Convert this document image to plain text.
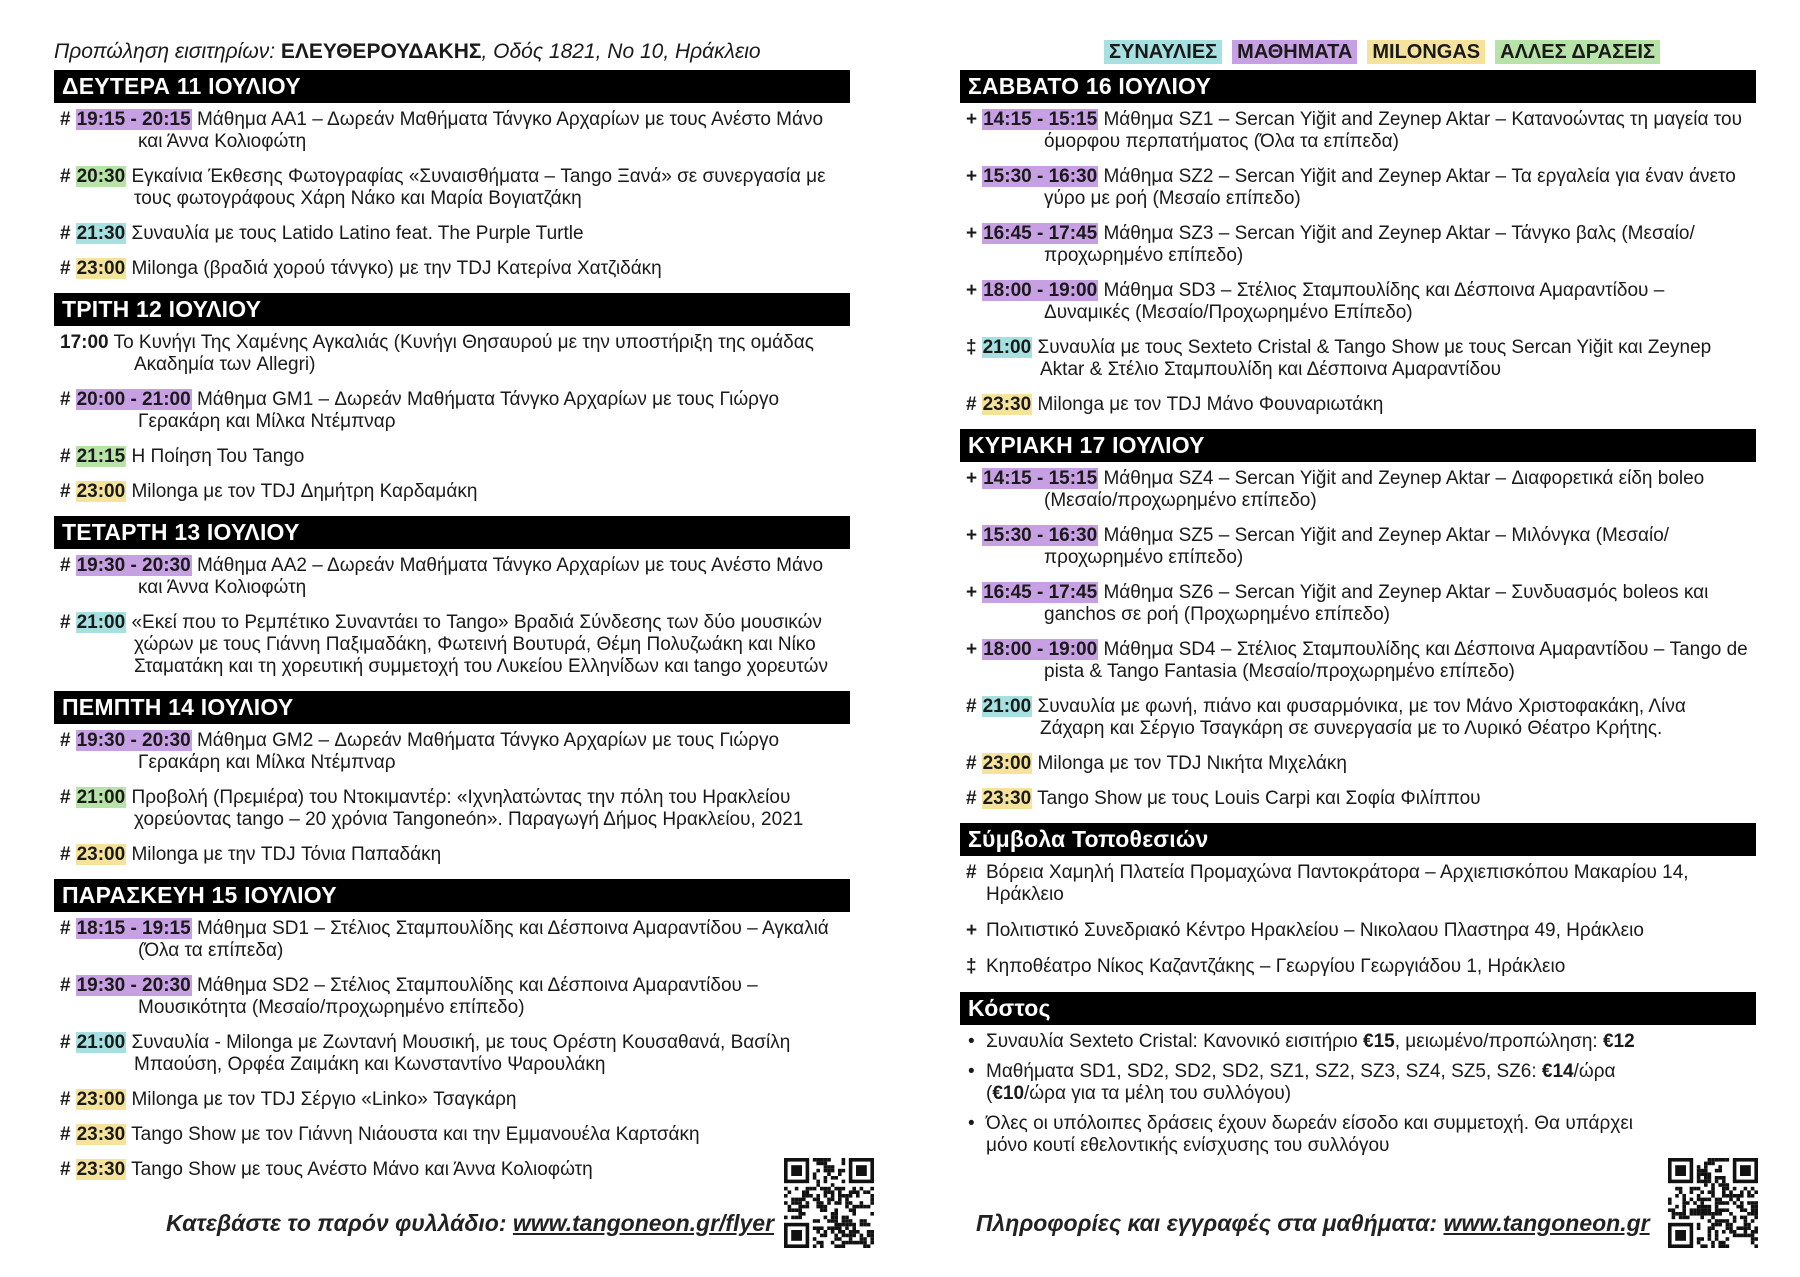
Προπώληση εισιτηρίων: ΕΛΕΥΘΕΡΟΥΔΑΚΗΣ, Οδός 1821, Νο 10, Ηράκλειο
ΔΕΥΤΕΡΑ 11 ΙΟΥΛΙΟΥ
# 19:15 - 20:15 Μάθημα ΑΑ1 – Δωρεάν Μαθήματα Τάνγκο Αρχαρίων με τους Ανέστο Μάνο και Άννα Κολιοφώτη
# 20:30 Εγκαίνια Έκθεσης Φωτογραφίας «Συναισθήματα – Tango Ξανά» σε συνεργασία με τους φωτογράφους Χάρη Νάκο και Μαρία Βογιατζάκη
# 21:30 Συναυλία με τους Latido Latino feat. The Purple Turtle
# 23:00 Milonga (βραδιά χορού τάνγκο) με την TDJ Κατερίνα Χατζιδάκη
ΤΡΙΤΗ 12 ΙΟΥΛΙΟΥ
17:00 Το Κυνήγι Της Χαμένης Αγκαλιάς (Κυνήγι Θησαυρού με την υποστήριξη της ομάδας Ακαδημία των Allegri)
# 20:00 - 21:00 Μάθημα GM1 – Δωρεάν Μαθήματα Τάνγκο Αρχαρίων με τους Γιώργο Γερακάρη και Μίλκα Ντέμπναρ
# 21:15 Η Ποίηση Του Tango
# 23:00 Milonga με τον TDJ Δημήτρη Καρδαμάκη
ΤΕΤΑΡΤΗ 13 ΙΟΥΛΙΟΥ
# 19:30 - 20:30 Μάθημα ΑΑ2 – Δωρεάν Μαθήματα Τάνγκο Αρχαρίων με τους Ανέστο Μάνο και Άννα Κολιοφώτη
# 21:00 «Εκεί που το Ρεμπέτικο Συναντάει το Tango» Βραδιά Σύνδεσης των δύο μουσικών χώρων με τους Γιάννη Παξιμαδάκη, Φωτεινή Βουτυρά, Θέμη Πολυζωάκη και Νίκο Σταματάκη και τη χορευτική συμμετοχή του Λυκείου Ελληνίδων και tango χορευτών
ΠΕΜΠΤΗ 14 ΙΟΥΛΙΟΥ
# 19:30 - 20:30 Μάθημα GM2 – Δωρεάν Μαθήματα Τάνγκο Αρχαρίων με τους Γιώργο Γερακάρη και Μίλκα Ντέμπναρ
# 21:00 Προβολή (Πρεμιέρα) του Ντοκιμαντέρ: «Ιχνηλατώντας την πόλη του Ηρακλείου χορεύοντας tango – 20 χρόνια Tangoneón». Παραγωγή Δήμος Ηρακλείου, 2021
# 23:00 Milonga με την TDJ Τόνια Παπαδάκη
ΠΑΡΑΣΚΕΥΗ 15 ΙΟΥΛΙΟΥ
# 18:15 - 19:15 Μάθημα SD1 – Στέλιος Σταμπουλίδης και Δέσποινα Αμαραντίδου – Αγκαλιά (Όλα τα επίπεδα)
# 19:30 - 20:30 Μάθημα SD2 – Στέλιος Σταμπουλίδης και Δέσποινα Αμαραντίδου – Μουσικότητα (Μεσαίο/προχωρημένο επίπεδο)
# 21:00 Συναυλία - Milonga με Ζωντανή Μουσική, με τους Ορέστη Κουσαθανά, Βασίλη Μπαούση, Ορφέα Ζαιμάκη και Κωνσταντίνο Ψαρουλάκη
# 23:00 Milonga με τον TDJ Σέργιο «Linko» Τσαγκάρη
# 23:30 Tango Show με τον Γιάννη Νιάουστα και την Εμμανουέλα Καρτσάκη
# 23:30 Tango Show με τους Ανέστο Μάνο και Άννα Κολιοφώτη
ΣΥΝΑΥΛΙΕΣ ΜΑΘΗΜΑΤΑ MILONGAS ΑΛΛΕΣ ΔΡΑΣΕΙΣ
ΣΑΒΒΑΤΟ 16 ΙΟΥΛΙΟΥ
+ 14:15 - 15:15 Μάθημα SZ1 – Sercan Yiğit and Zeynep Aktar – Κατανοώντας τη μαγεία του όμορφου περπατήματος (Όλα τα επίπεδα)
+ 15:30 - 16:30 Μάθημα SZ2 – Sercan Yiğit and Zeynep Aktar – Τα εργαλεία για έναν άνετο γύρο με ροή (Μεσαίο επίπεδο)
+ 16:45 - 17:45 Μάθημα SZ3 – Sercan Yiğit and Zeynep Aktar – Τάνγκο βαλς (Μεσαίο/προχωρημένο επίπεδο)
+ 18:00 - 19:00 Μάθημα SD3 – Στέλιος Σταμπουλίδης και Δέσποινα Αμαραντίδου – Δυναμικές (Μεσαίο/Προχωρημένο Επίπεδο)
‡ 21:00 Συναυλία με τους Sexteto Cristal & Tango Show με τους Sercan Yiğit και Zeynep Aktar & Στέλιο Σταμπουλίδη και Δέσποινα Αμαραντίδου
# 23:30 Milonga με τον TDJ Μάνο Φουναριωτάκη
ΚΥΡΙΑΚΗ 17 ΙΟΥΛΙΟΥ
+ 14:15 - 15:15 Μάθημα SZ4 – Sercan Yiğit and Zeynep Aktar – Διαφορετικά είδη boleo (Μεσαίο/προχωρημένο επίπεδο)
+ 15:30 - 16:30 Μάθημα SZ5 – Sercan Yiğit and Zeynep Aktar – Μιλόνγκα (Μεσαίο/προχωρημένο επίπεδο)
+ 16:45 - 17:45 Μάθημα SZ6 – Sercan Yiğit and Zeynep Aktar – Συνδυασμός boleos και ganchos σε ροή (Προχωρημένο επίπεδο)
+ 18:00 - 19:00 Μάθημα SD4 – Στέλιος Σταμπουλίδης και Δέσποινα Αμαραντίδου – Tango de pista & Tango Fantasia (Μεσαίο/προχωρημένο επίπεδο)
# 21:00 Συναυλία με φωνή, πιάνο και φυσαρμόνικα, με τον Μάνο Χριστοφακάκη, Λίνα Ζάχαρη και Σέργιο Τσαγκάρη σε συνεργασία με το Λυρικό Θέατρο Κρήτης.
# 23:00 Milonga με τον TDJ Νικήτα Μιχελάκη
# 23:30 Tango Show με τους Louis Carpi και Σοφία Φιλίππου
Σύμβολα Τοποθεσιών
# Βόρεια Χαμηλή Πλατεία Προμαχώνα Παντοκράτορα – Αρχιεπισκόπου Μακαρίου 14, Ηράκλειο
+ Πολιτιστικό Συνεδριακό Κέντρο Ηρακλείου – Νικολαου Πλαστηρα 49, Ηράκλειο
‡ Κηποθέατρο Νίκος Καζαντζάκης – Γεωργίου Γεωργιάδου 1, Ηράκλειο
Κόστος
• Συναυλία Sexteto Cristal: Κανονικό εισιτήριο €15, μειωμένο/προπώληση: €12
• Μαθήματα SD1, SD2, SD2, SD2, SZ1, SZ2, SZ3, SZ4, SZ5, SZ6: €14/ώρα (€10/ώρα για τα μέλη του συλλόγου)
• Όλες οι υπόλοιπες δράσεις έχουν δωρεάν είσοδο και συμμετοχή. Θα υπάρχει μόνο κουτί εθελοντικής ενίσχυσης του συλλόγου
Κατεβάστε το παρόν φυλλάδιο: www.tangoneon.gr/flyer	Πληροφορίες και εγγραφές στα μαθήματα: www.tangoneon.gr
